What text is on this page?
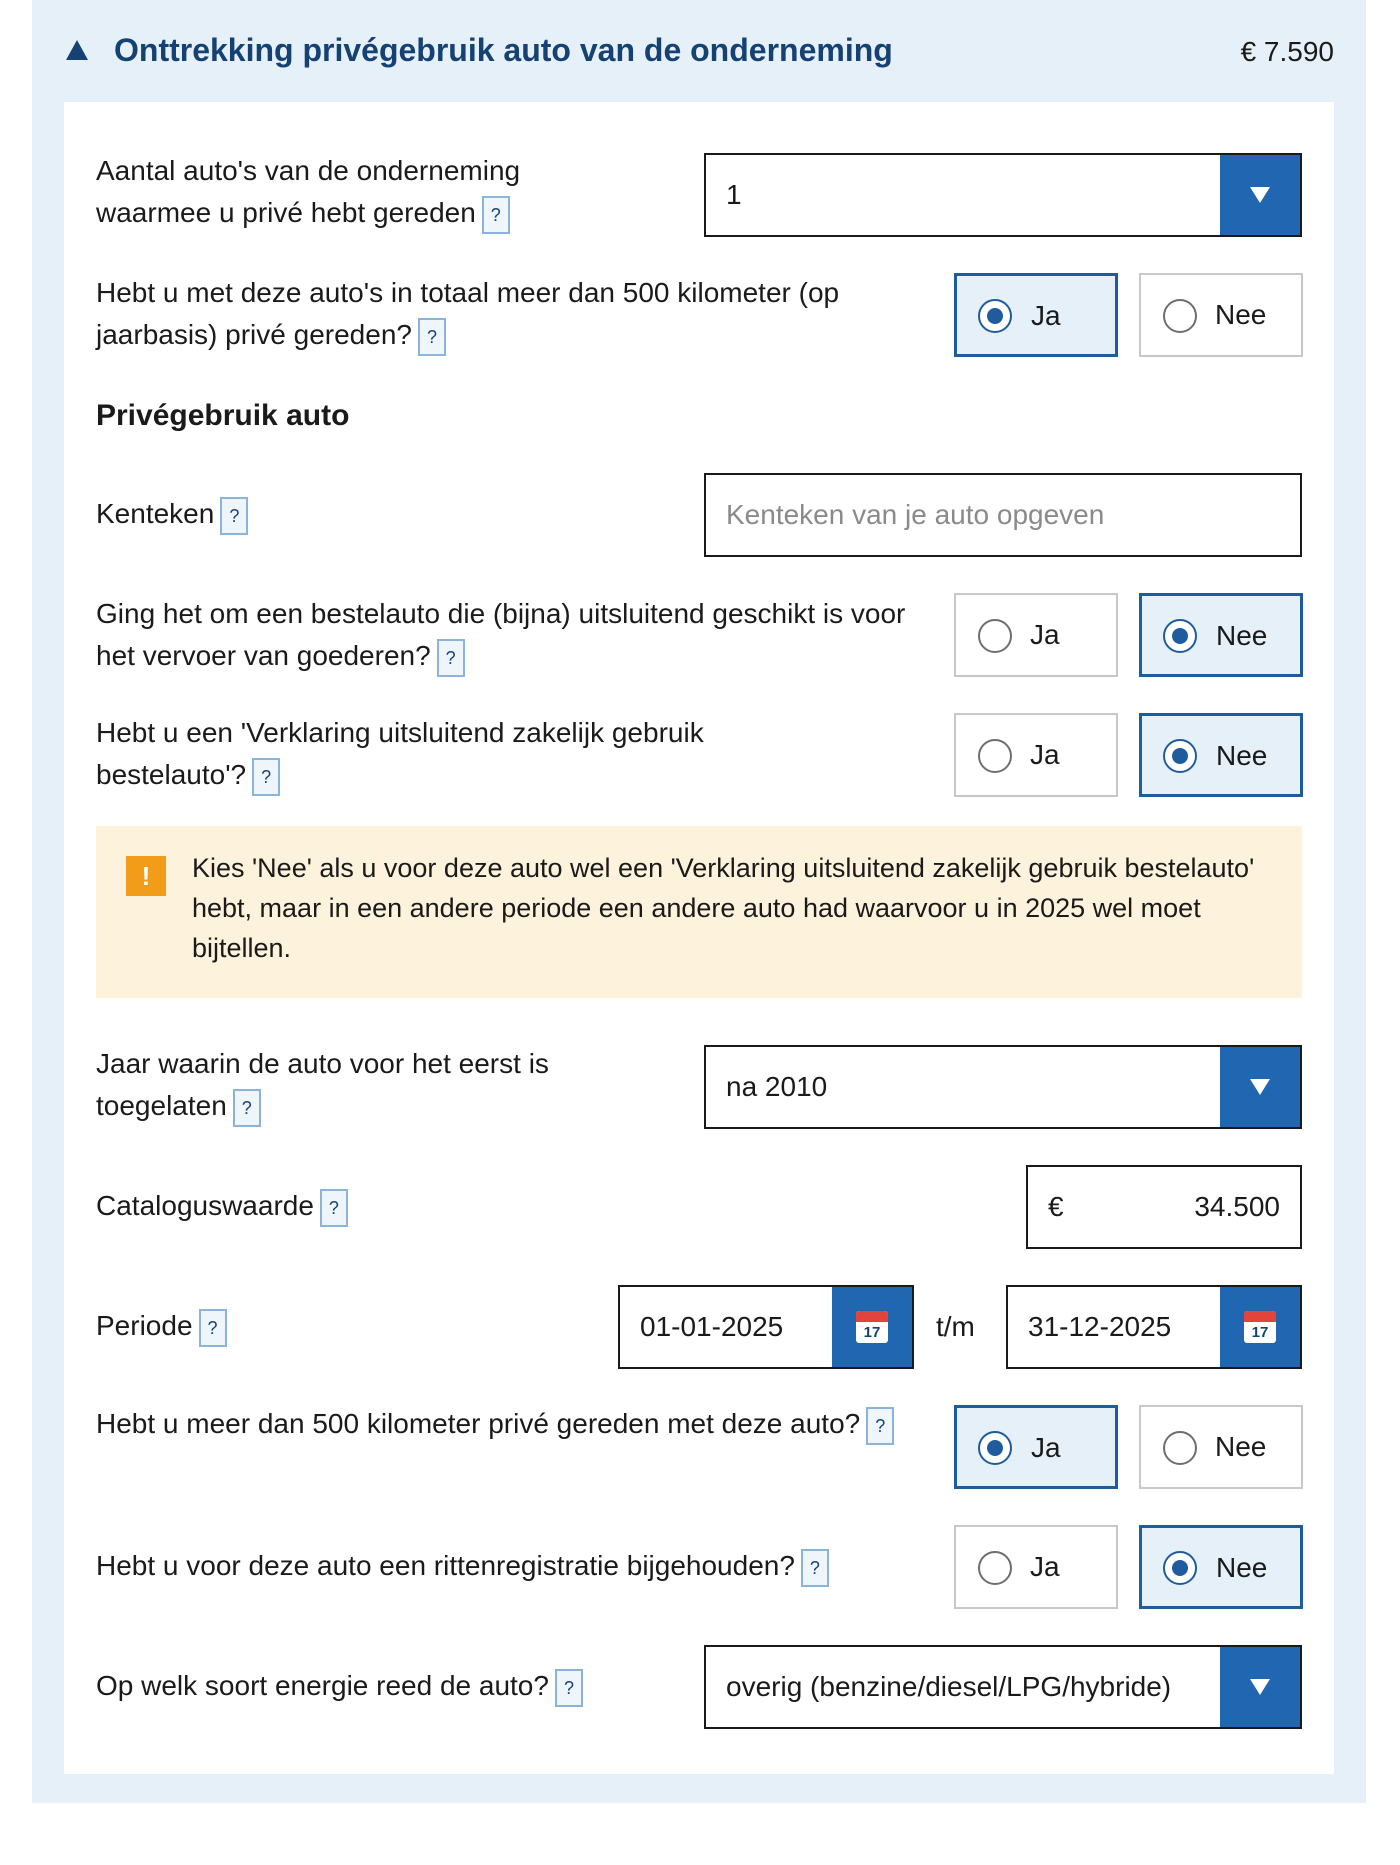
Onttrekking privégebruik auto van de onderneming	€ 7.590
Aantal auto's van de onderneming waarmee u privé hebt gereden ?
1
Hebt u met deze auto's in totaal meer dan 500 kilometer (op jaarbasis) privé gereden? ?
Ja	Nee
Privégebruik auto
Kenteken ?
Kenteken van je auto opgeven
Ging het om een bestelauto die (bijna) uitsluitend geschikt is voor het vervoer van goederen? ?
Ja	Nee
Hebt u een 'Verklaring uitsluitend zakelijk gebruik bestelauto'? ?
Ja	Nee
!	Kies 'Nee' als u voor deze auto wel een 'Verklaring uitsluitend zakelijk gebruik bestelauto' hebt, maar in een andere periode een andere auto had waarvoor u in 2025 wel moet bijtellen.
Jaar waarin de auto voor het eerst is toegelaten ?
na 2010
Cataloguswaarde ?	€	34.500
Periode ?	01-01-2025	17 t/m 31-12-2025	17
Hebt u meer dan 500 kilometer privé gereden met deze auto? ?
Ja	Nee
Hebt u voor deze auto een rittenregistratie bijgehouden? ?	Ja	Nee
Op welk soort energie reed de auto? ?	overig (benzine/diesel/LPG/hybride)
